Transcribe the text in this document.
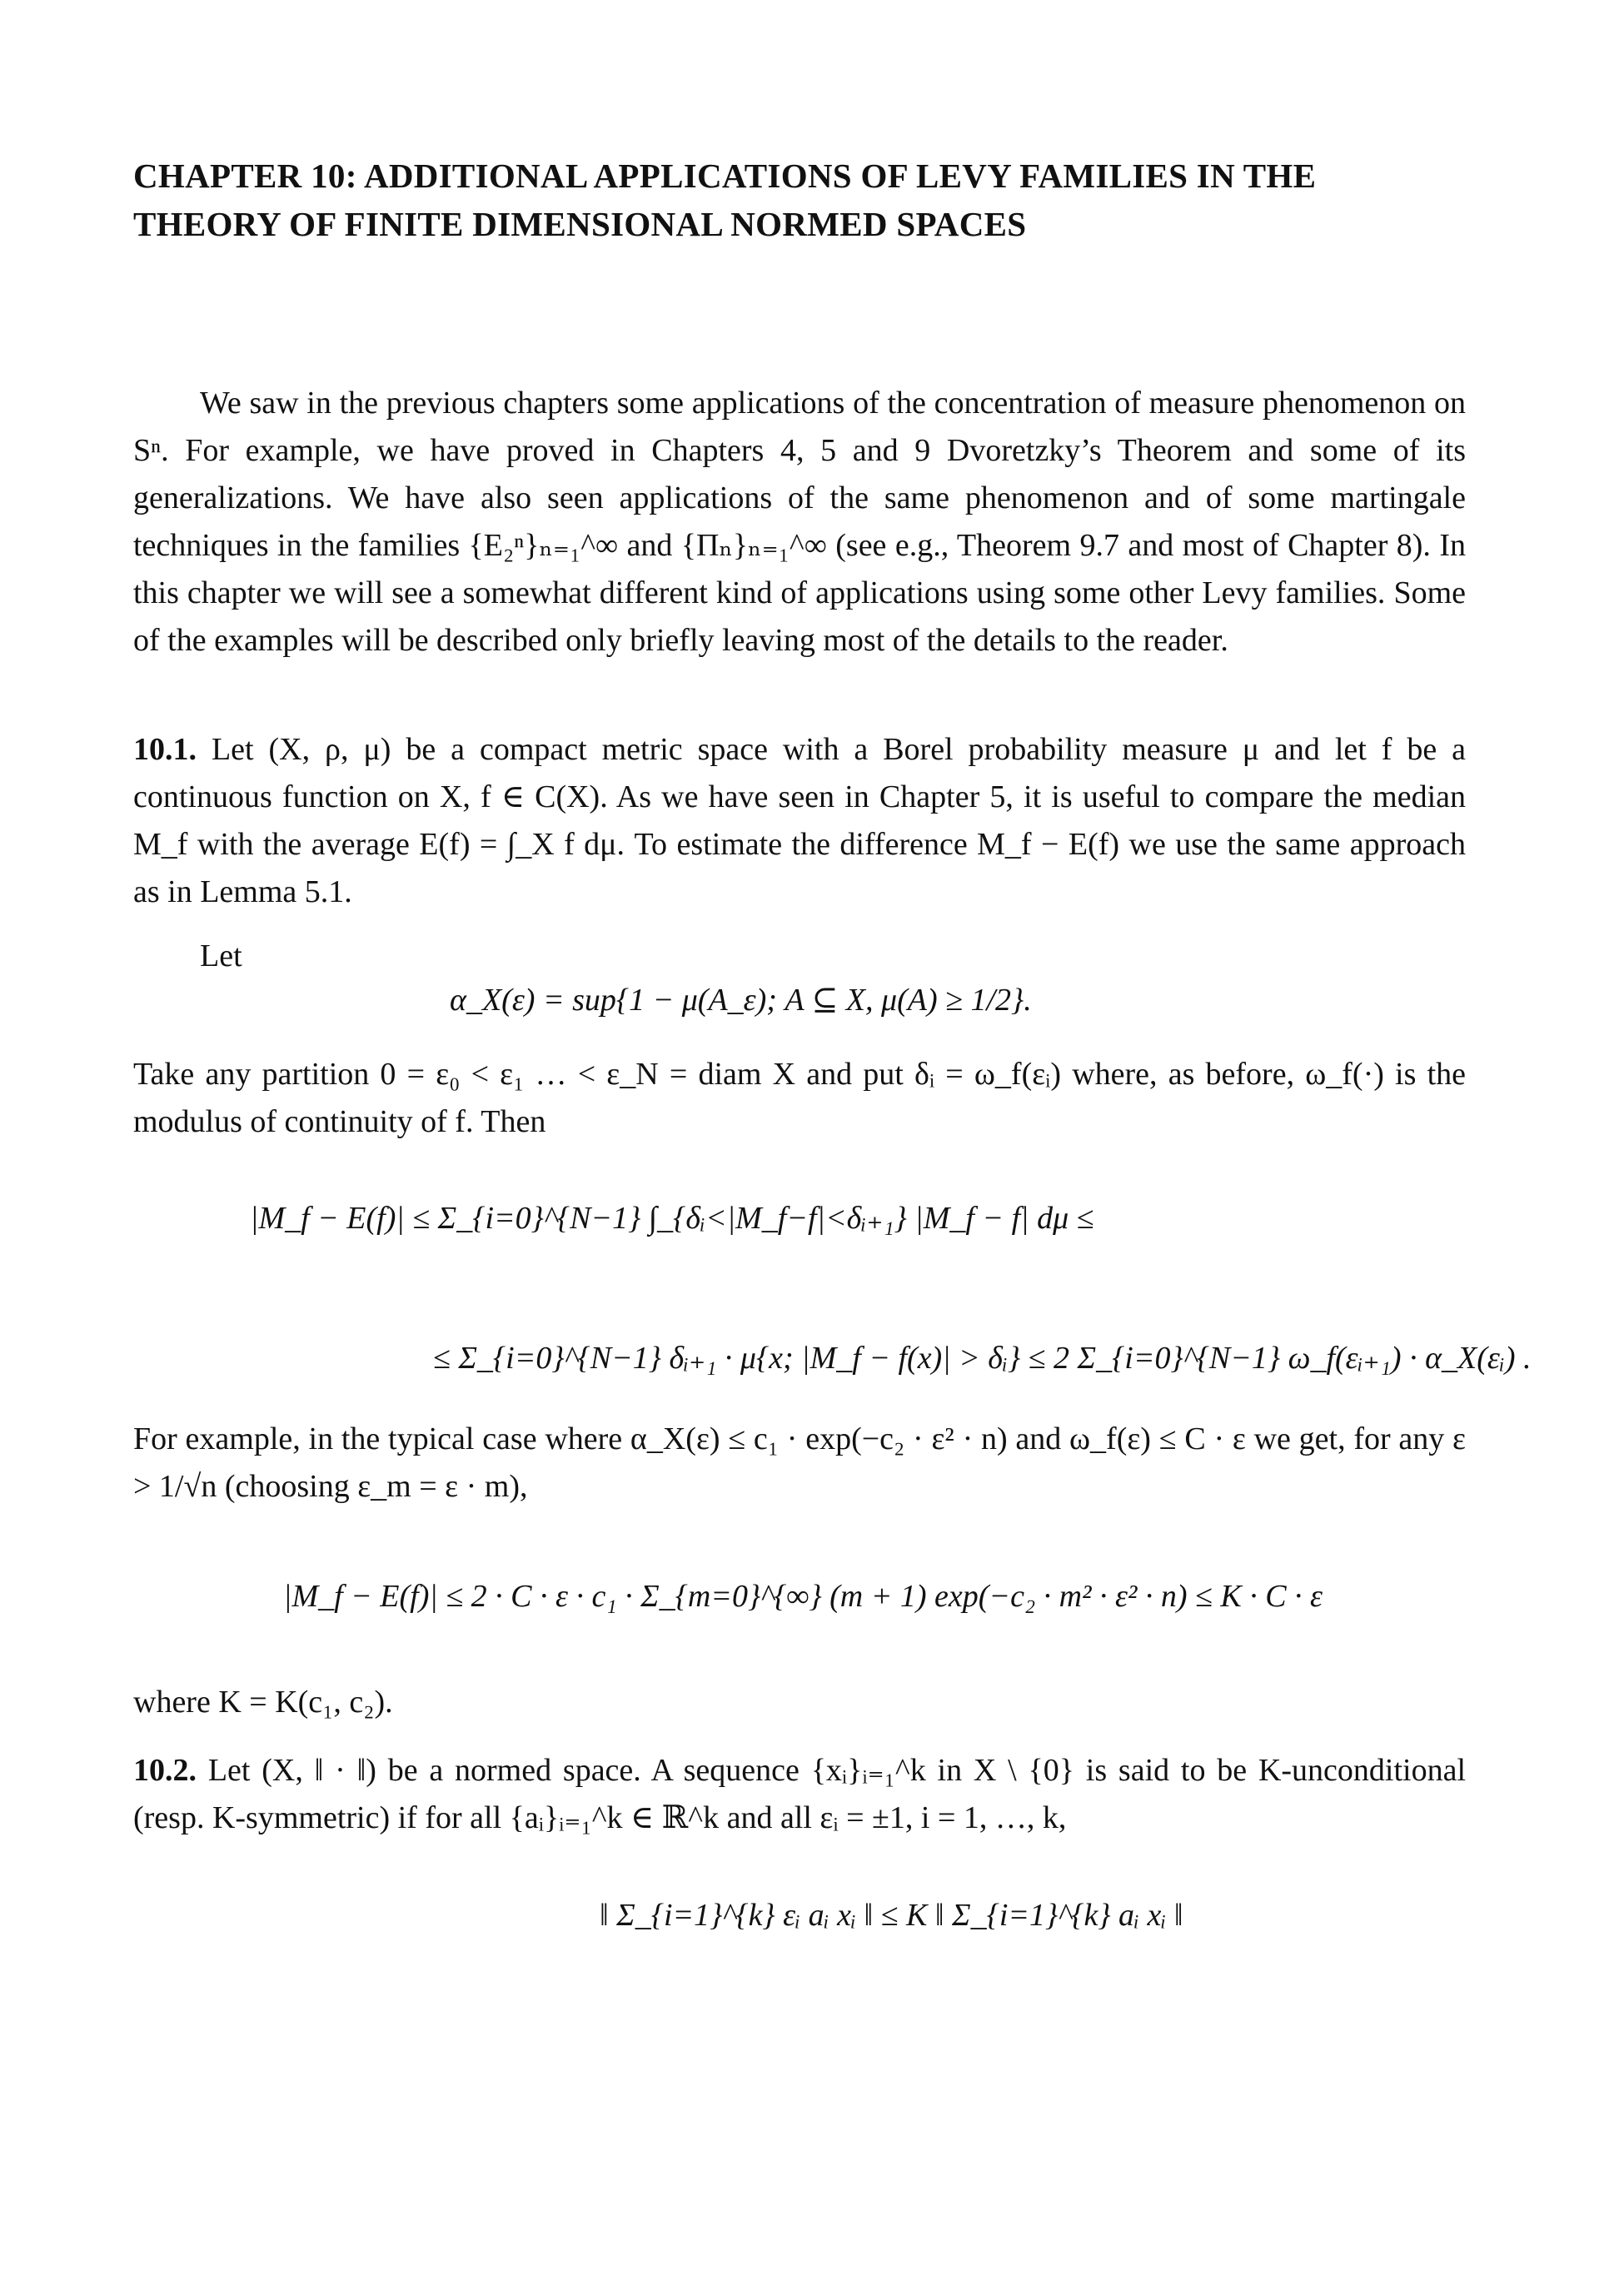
CHAPTER 10: ADDITIONAL APPLICATIONS OF LEVY FAMILIES IN THE
THEORY OF FINITE DIMENSIONAL NORMED SPACES
We saw in the previous chapters some applications of the concentration of measure phenomenon on Sⁿ. For example, we have proved in Chapters 4, 5 and 9 Dvoretzky’s Theorem and some of its generalizations. We have also seen applications of the same phenomenon and of some martingale techniques in the families {E₂ⁿ}ₙ₌₁^∞ and {Πₙ}ₙ₌₁^∞ (see e.g., Theorem 9.7 and most of Chapter 8). In this chapter we will see a somewhat different kind of applications using some other Levy families. Some of the examples will be described only briefly leaving most of the details to the reader.
10.1. Let (X, ρ, μ) be a compact metric space with a Borel probability measure μ and let f be a continuous function on X, f ∈ C(X). As we have seen in Chapter 5, it is useful to compare the median M_f with the average E(f) = ∫_X f dμ. To estimate the difference M_f − E(f) we use the same approach as in Lemma 5.1.
Let
α_X(ε) = sup{1 − μ(A_ε); A ⊆ X, μ(A) ≥ 1/2}.
Take any partition 0 = ε₀ < ε₁ … < ε_N = diam X and put δᵢ = ω_f(εᵢ) where, as before, ω_f(·) is the modulus of continuity of f. Then
|M_f − E(f)| ≤ Σ_{i=0}^{N−1} ∫_{δᵢ<|M_f−f|<δᵢ₊₁} |M_f − f| dμ ≤
≤ Σ_{i=0}^{N−1} δᵢ₊₁ · μ{x; |M_f − f(x)| > δᵢ} ≤ 2 Σ_{i=0}^{N−1} ω_f(εᵢ₊₁) · α_X(εᵢ) .
For example, in the typical case where α_X(ε) ≤ c₁ · exp(−c₂ · ε² · n) and ω_f(ε) ≤ C · ε we get, for any ε > 1/√n (choosing ε_m = ε · m),
|M_f − E(f)| ≤ 2 · C · ε · c₁ · Σ_{m=0}^{∞} (m + 1) exp(−c₂ · m² · ε² · n) ≤ K · C · ε
where K = K(c₁, c₂).
10.2. Let (X, ‖ · ‖) be a normed space. A sequence {xᵢ}ᵢ₌₁^k in X \ {0} is said to be K-unconditional (resp. K-symmetric) if for all {aᵢ}ᵢ₌₁^k ∈ ℝ^k and all εᵢ = ±1, i = 1, …, k,
‖ Σ_{i=1}^{k} εᵢ aᵢ xᵢ ‖ ≤ K ‖ Σ_{i=1}^{k} aᵢ xᵢ ‖
